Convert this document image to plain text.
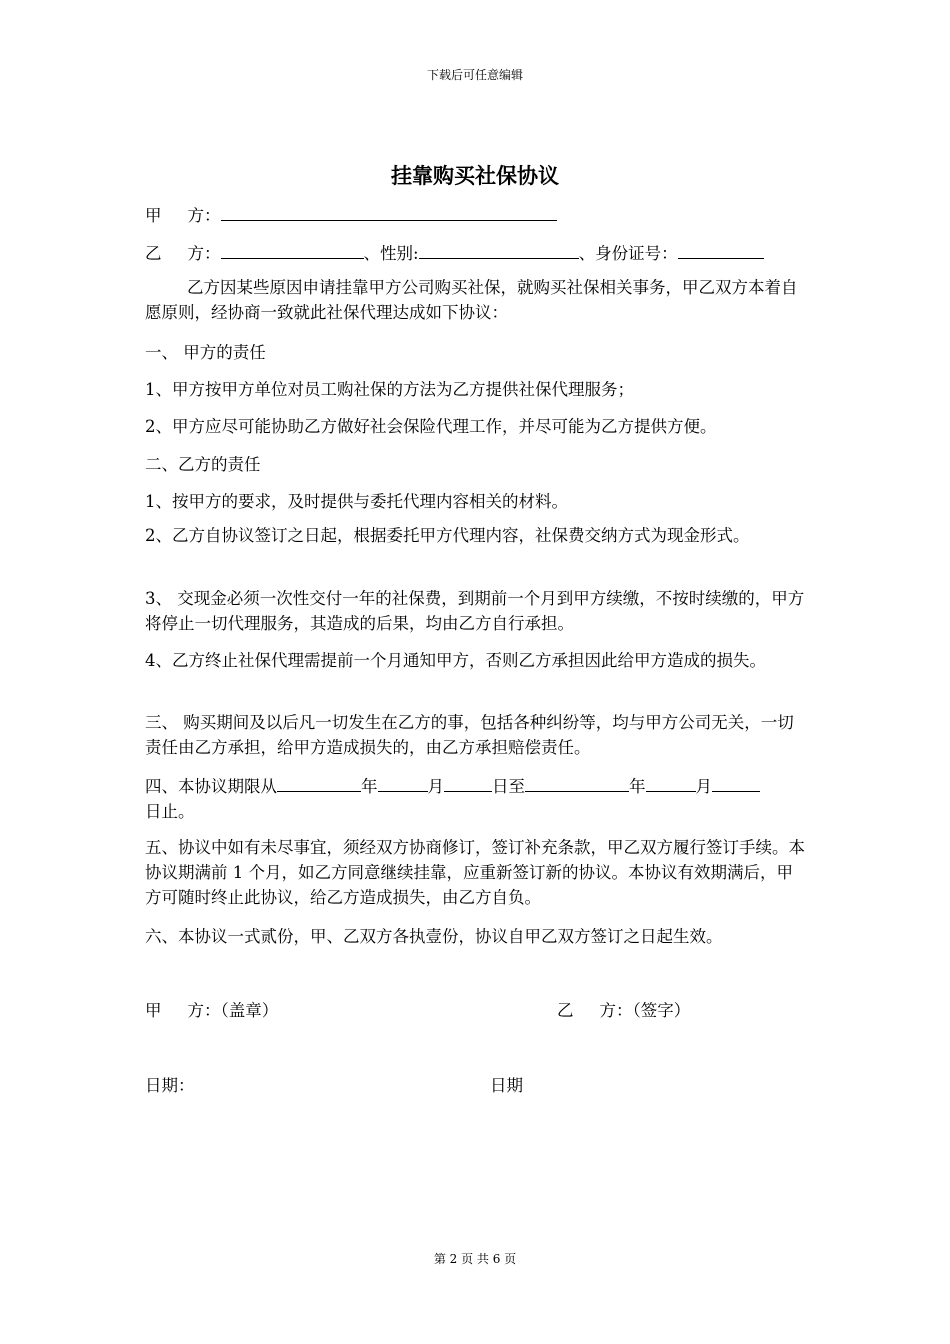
下载后可任意编辑
挂靠购买社保协议
甲 方：
乙 方：	、性别:	、身份证号：
乙方因某些原因申请挂靠甲方公司购买社保，就购买社保相关事务，甲乙双方本着自愿原则，经协商一致就此社保代理达成如下协议：
一、 甲方的责任
1、甲方按甲方单位对员工购社保的方法为乙方提供社保代理服务；
2、甲方应尽可能协助乙方做好社会保险代理工作，并尽可能为乙方提供方便。
二、乙方的责任
1、按甲方的要求，及时提供与委托代理内容相关的材料。
2、乙方自协议签订之日起，根据委托甲方代理内容，社保费交纳方式为现金形式。
3、 交现金必须一次性交付一年的社保费，到期前一个月到甲方续缴，不按时续缴的，甲方将停止一切代理服务，其造成的后果，均由乙方自行承担。
4、乙方终止社保代理需提前一个月通知甲方，否则乙方承担因此给甲方造成的损失。
三、 购买期间及以后凡一切发生在乙方的事，包括各种纠纷等，均与甲方公司无关，一切责任由乙方承担，给甲方造成损失的，由乙方承担赔偿责任。
四、本协议期限从	年	月	日至	年	月
日止。
五、协议中如有未尽事宜，须经双方协商修订，签订补充条款，甲乙双方履行签订手续。本协议期满前 1 个月，如乙方同意继续挂靠，应重新签订新的协议。本协议有效期满后，甲方可随时终止此协议，给乙方造成损失，由乙方自负。
六、本协议一式贰份，甲、乙双方各执壹份，协议自甲乙双方签订之日起生效。
甲 方：（盖章）	乙 方：（签字）
日期：	日期
第 2 页 共 6 页
